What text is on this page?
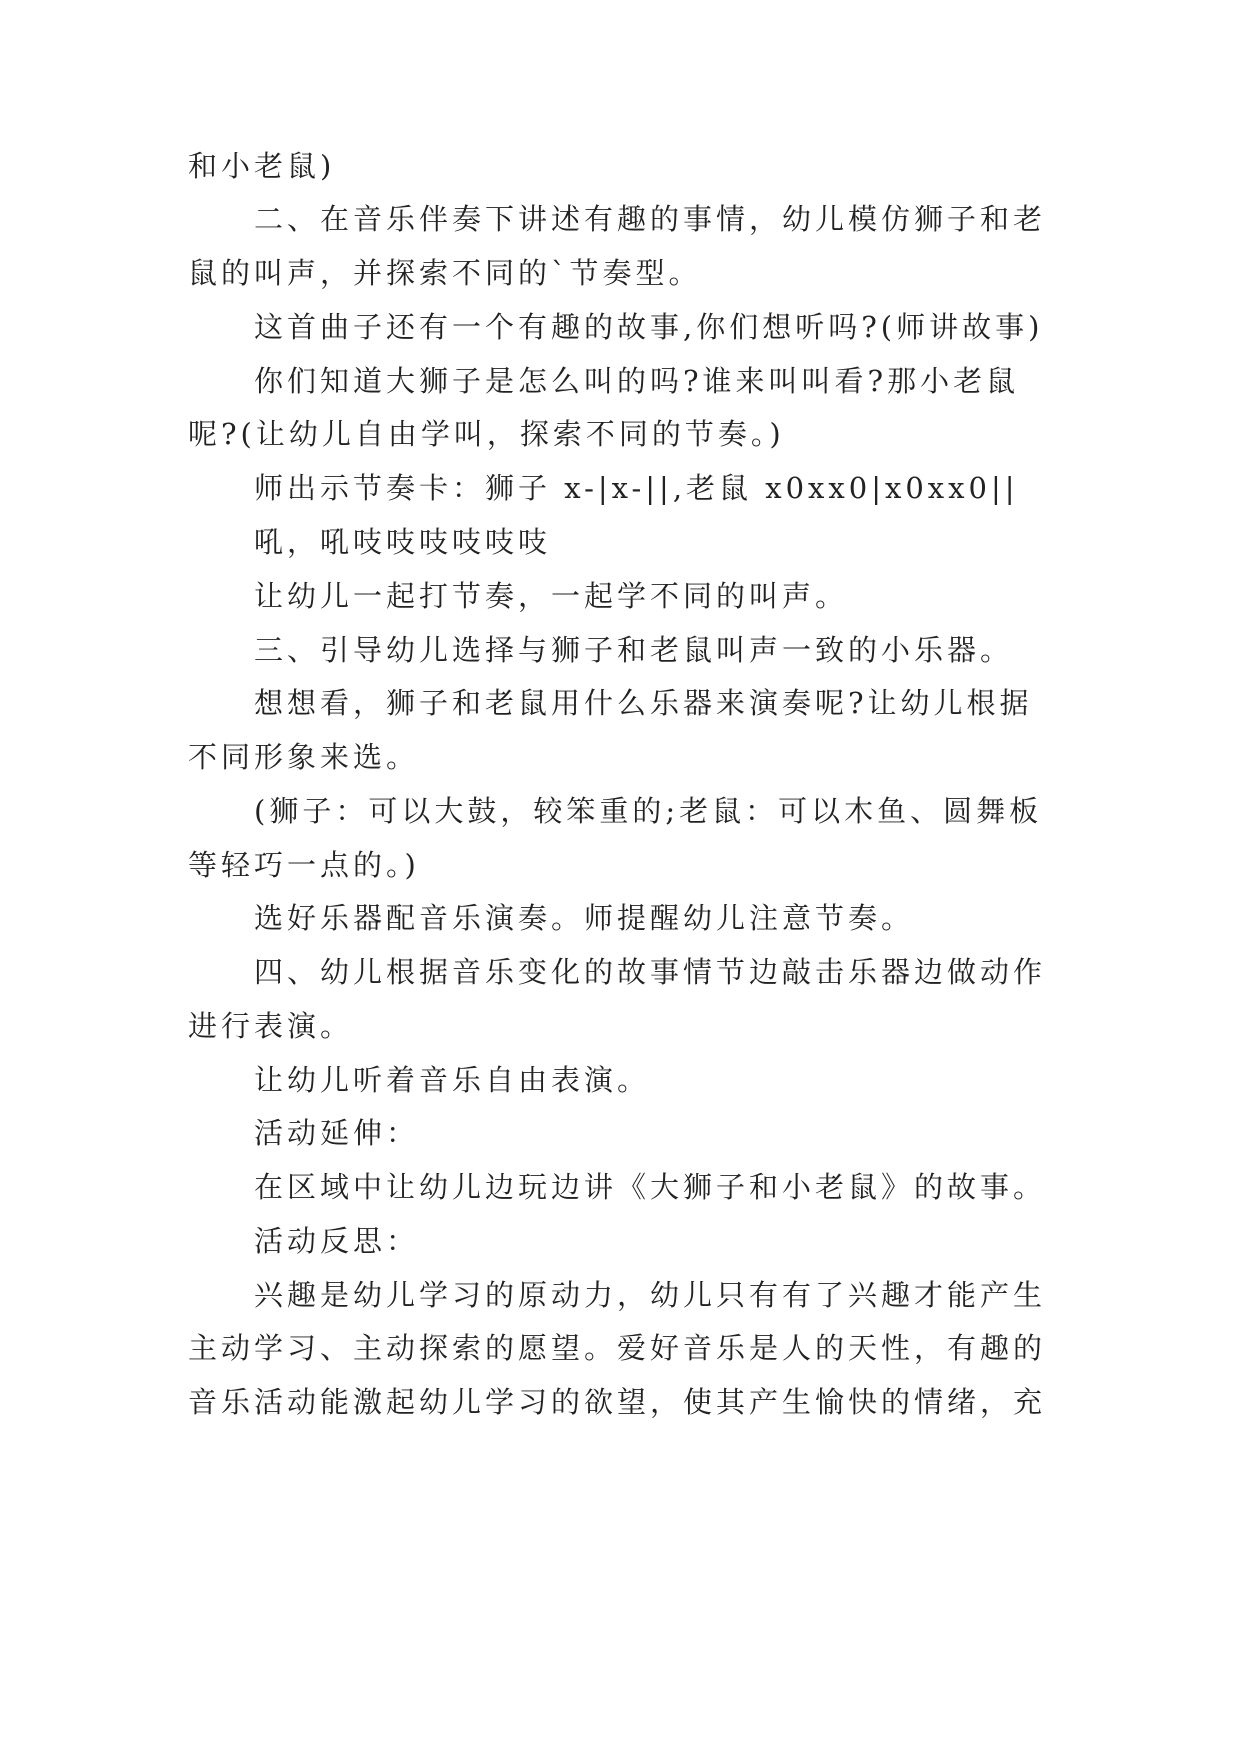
和小老鼠)
二、在音乐伴奏下讲述有趣的事情，幼儿模仿狮子和老
鼠的叫声，并探索不同的`节奏型。
这首曲子还有一个有趣的故事,你们想听吗?(师讲故事)
你们知道大狮子是怎么叫的吗?谁来叫叫看?那小老鼠
呢?(让幼儿自由学叫，探索不同的节奏。)
师出示节奏卡：狮子 x-|x-||,老鼠 x0xx0|x0xx0||
吼，吼吱吱吱吱吱吱
让幼儿一起打节奏，一起学不同的叫声。
三、引导幼儿选择与狮子和老鼠叫声一致的小乐器。
想想看，狮子和老鼠用什么乐器来演奏呢?让幼儿根据
不同形象来选。
(狮子：可以大鼓，较笨重的;老鼠：可以木鱼、圆舞板
等轻巧一点的。)
选好乐器配音乐演奏。师提醒幼儿注意节奏。
四、幼儿根据音乐变化的故事情节边敲击乐器边做动作
进行表演。
让幼儿听着音乐自由表演。
活动延伸：
在区域中让幼儿边玩边讲《大狮子和小老鼠》的故事。
活动反思：
兴趣是幼儿学习的原动力，幼儿只有有了兴趣才能产生
主动学习、主动探索的愿望。爱好音乐是人的天性，有趣的
音乐活动能激起幼儿学习的欲望，使其产生愉快的情绪，充
